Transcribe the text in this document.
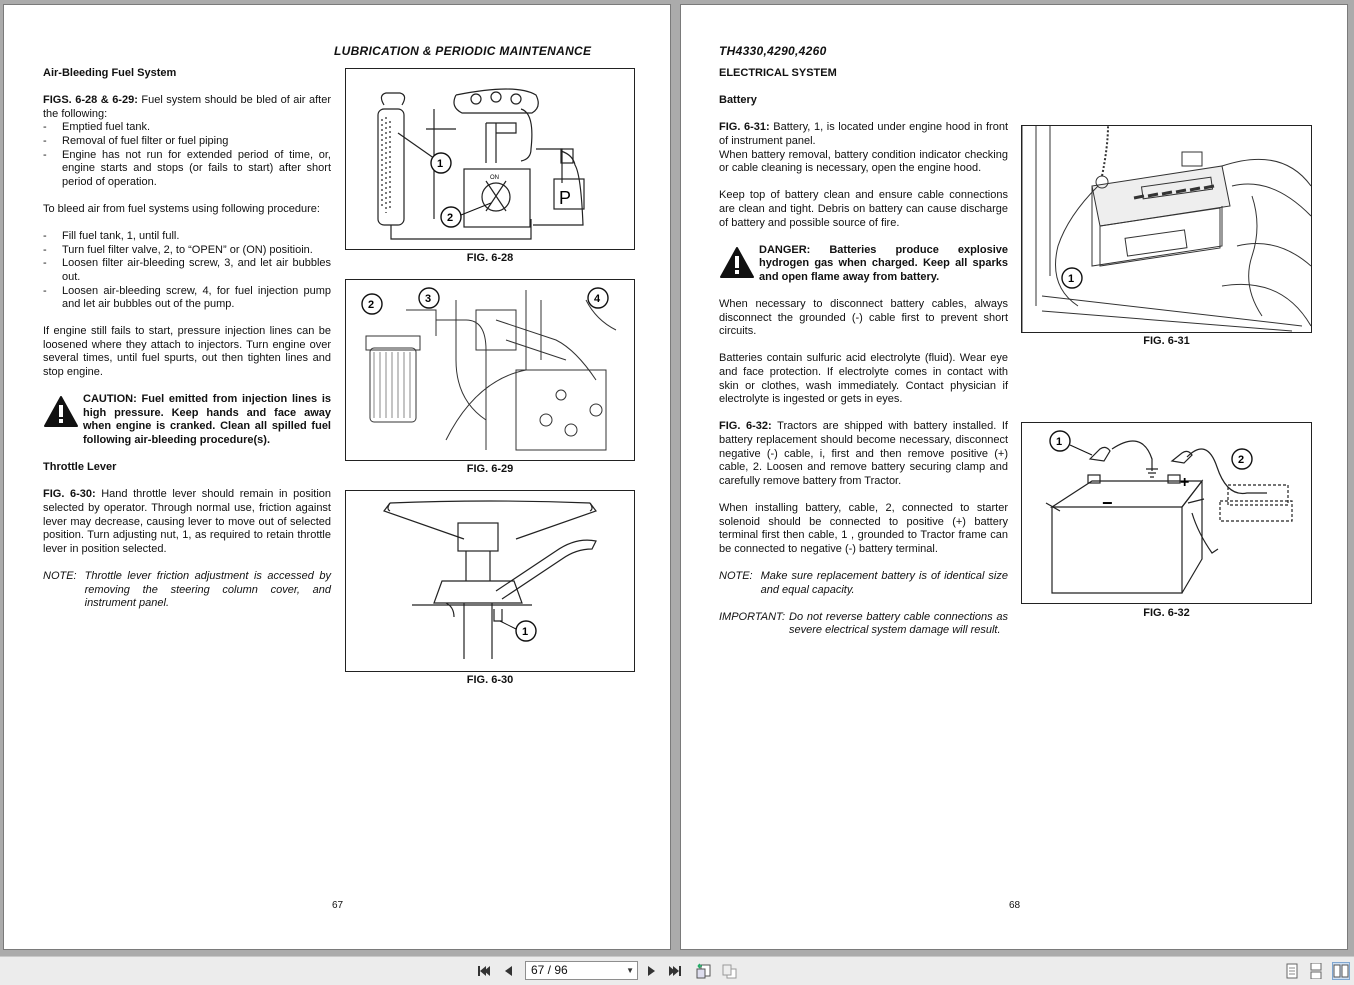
LUBRICATION & PERIODIC MAINTENANCE
Air-Bleeding Fuel System

FIGS. 6-28 & 6-29: Fuel system should be bled of air after the following:

- Emptied fuel tank.
- Removal of fuel filter or fuel piping
- Engine has not run for extended period of time, or, engine starts and stops (or fails to start) after short period of operation.

To bleed air from fuel systems using following procedure:

- Fill fuel tank, 1, until full.
- Turn fuel filter valve, 2, to “OPEN” or (ON) positioin.
- Loosen filter air-bleeding screw, 3, and let air bubbles out.
- Loosen air-bleeding screw, 4, for fuel injection pump and let air bubbles out of the pump.

If engine still fails to start, pressure injection lines can be loosened where they attach to injectors. Turn engine over several times, until fuel spurts, out then tighten lines and stop engine.

CAUTION: Fuel emitted from injection lines is high pressure. Keep hands and face away when engine is cranked. Clean all spilled fuel following air-bleeding procedure(s).
Throttle Lever

FIG. 6-30: Hand throttle lever should remain in position selected by operator. Through normal use, friction against lever may decrease, causing lever to move out of selected position. Turn adjusting nut, 1, as required to retain throttle lever in position selected.

NOTE: Throttle lever friction adjustment is accessed by removing the steering column cover, and instrument panel.
P
ON
1
2
FIG. 6-28
2	3	4
FIG. 6-29
1
FIG. 6-30
67
TH4330,4290,4260
ELECTRICAL SYSTEM
Battery

FIG. 6-31: Battery, 1, is located under engine hood in front of instrument panel.

When battery removal, battery condition indicator checking or cable cleaning is necessary, open the engine hood.

Keep top of battery clean and ensure cable connections are clean and tight. Debris on battery can cause discharge of battery and possible source of fire.

DANGER: Batteries produce explosive hydrogen gas when charged. Keep all sparks and open flame away from battery.

When necessary to disconnect battery cables, always disconnect the grounded (-) cable first to prevent short circuits.

Batteries contain sulfuric acid electrolyte (fluid). Wear eye and face protection. If electrolyte comes in contact with skin or clothes, wash immediately. Contact physician if electrolyte is ingested or gets in eyes.

FIG. 6-32: Tractors are shipped with battery installed. If battery replacement should become necessary, disconnect negative (-) cable, i, first and then remove positive (+) cable, 2. Loosen and remove battery securing clamp and carefully remove battery from Tractor.

When installing battery, cable, 2, connected to starter solenoid should be connected to positive (+) battery terminal first then cable, 1 , grounded to Tractor frame can be connected to negative (-) battery terminal.

NOTE: Make sure replacement battery is of identical size and equal capacity.
IMPORTANT: Do not reverse battery cable connections as severe electrical system damage will result.
1
FIG. 6-31
−
+
1
2
FIG. 6-32
68
67 / 96	▼
